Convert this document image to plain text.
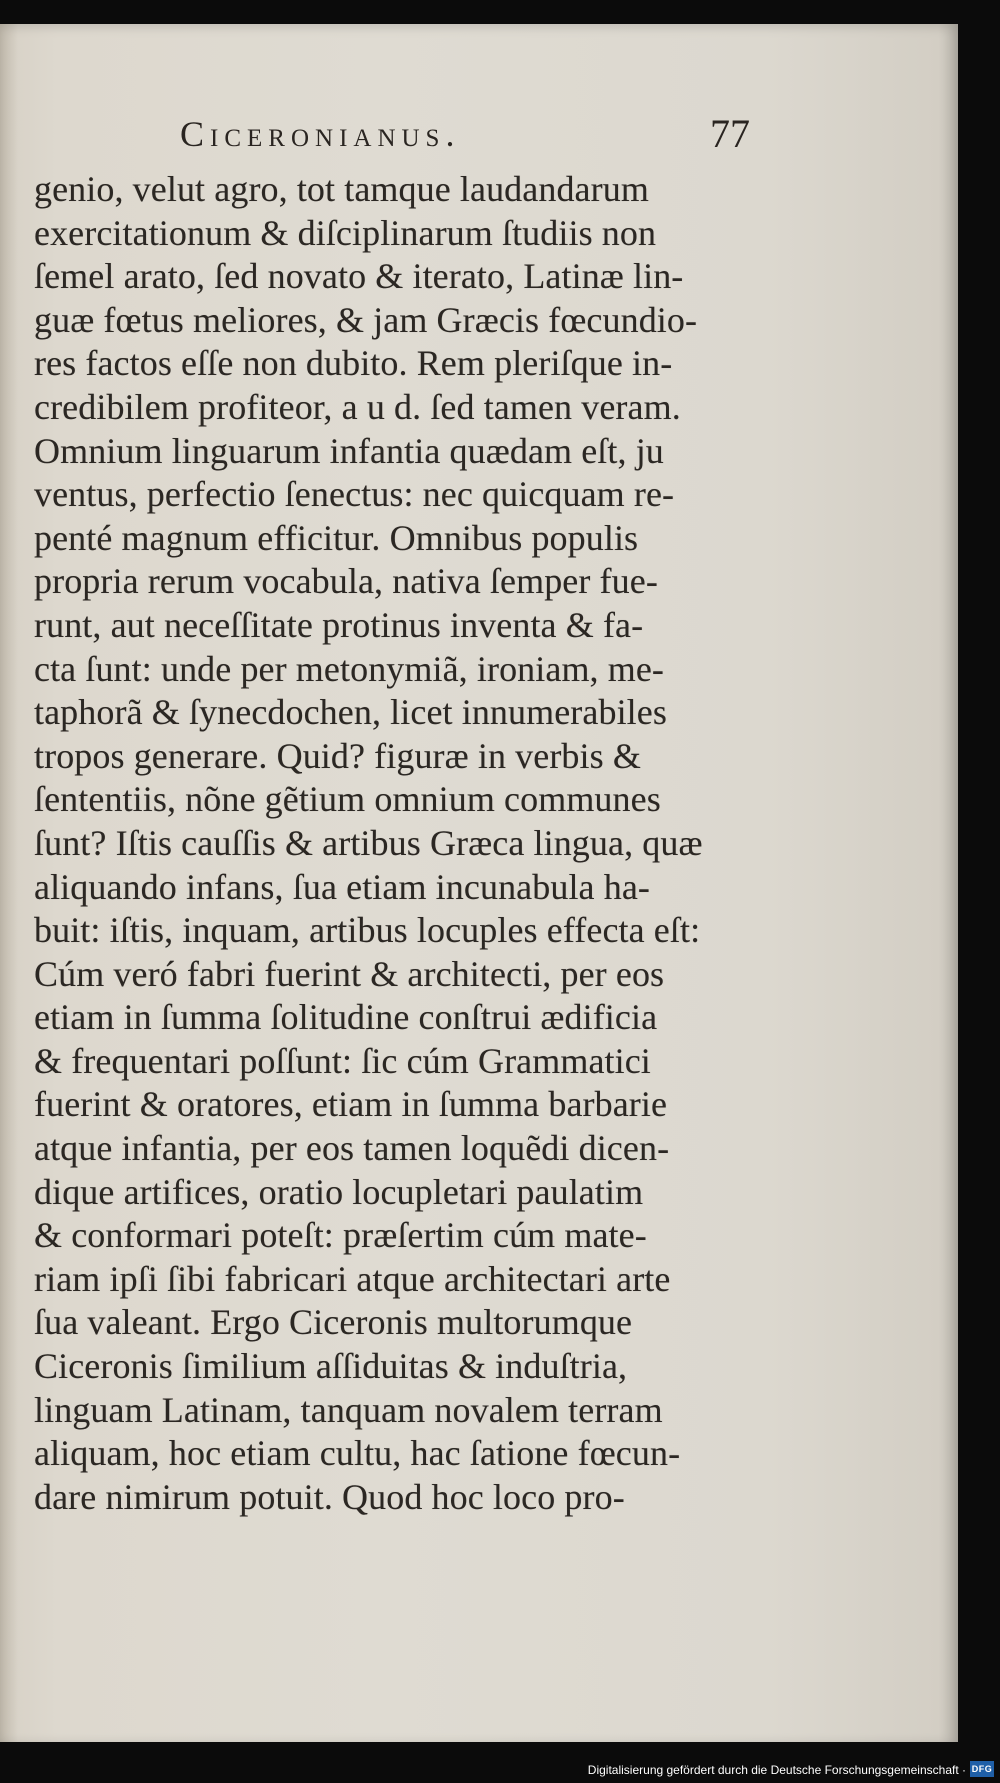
Ciceronianus.	77
genio, velut agro, tot tamque laudandarum
exercitationum & diſciplinarum ſtudiis non
ſemel arato, ſed novato & iterato, Latinæ lin-
guæ fœtus meliores, & jam Græcis fœcundio-
res factos eſſe non dubito. Rem pleriſque in-
credibilem profiteor, a u d. ſed tamen veram.
Omnium linguarum infantia quædam eſt, ju
ventus, perfectio ſenectus: nec quicquam re-
penté magnum efficitur. Omnibus populis
propria rerum vocabula, nativa ſemper fue-
runt, aut neceſſitate protinus inventa & fa-
cta ſunt: unde per metonymiã, ironiam, me-
taphorã & ſynecdochen, licet innumerabiles
tropos generare. Quid? figuræ in verbis &
ſententiis, nõne gẽtium omnium communes
ſunt? Iſtis cauſſis & artibus Græca lingua, quæ
aliquando infans, ſua etiam incunabula ha-
buit: iſtis, inquam, artibus locuples effecta eſt:
Cúm veró fabri fuerint & architecti, per eos
etiam in ſumma ſolitudine conſtrui ædificia
& frequentari poſſunt: ſic cúm Grammatici
fuerint & oratores, etiam in ſumma barbarie
atque infantia, per eos tamen loquẽdi dicen-
dique artifices, oratio locupletari paulatim
& conformari poteſt: præſertim cúm mate-
riam ipſi ſibi fabricari atque architectari arte
ſua valeant. Ergo Ciceronis multorumque
Ciceronis ſimilium aſſiduitas & induſtria,
linguam Latinam, tanquam novalem terram
aliquam, hoc etiam cultu, hac ſatione fœcun-
dare nimirum potuit. Quod hoc loco pro-
Digitalisierung gefördert durch die Deutsche Forschungsgemeinschaft · DFG
